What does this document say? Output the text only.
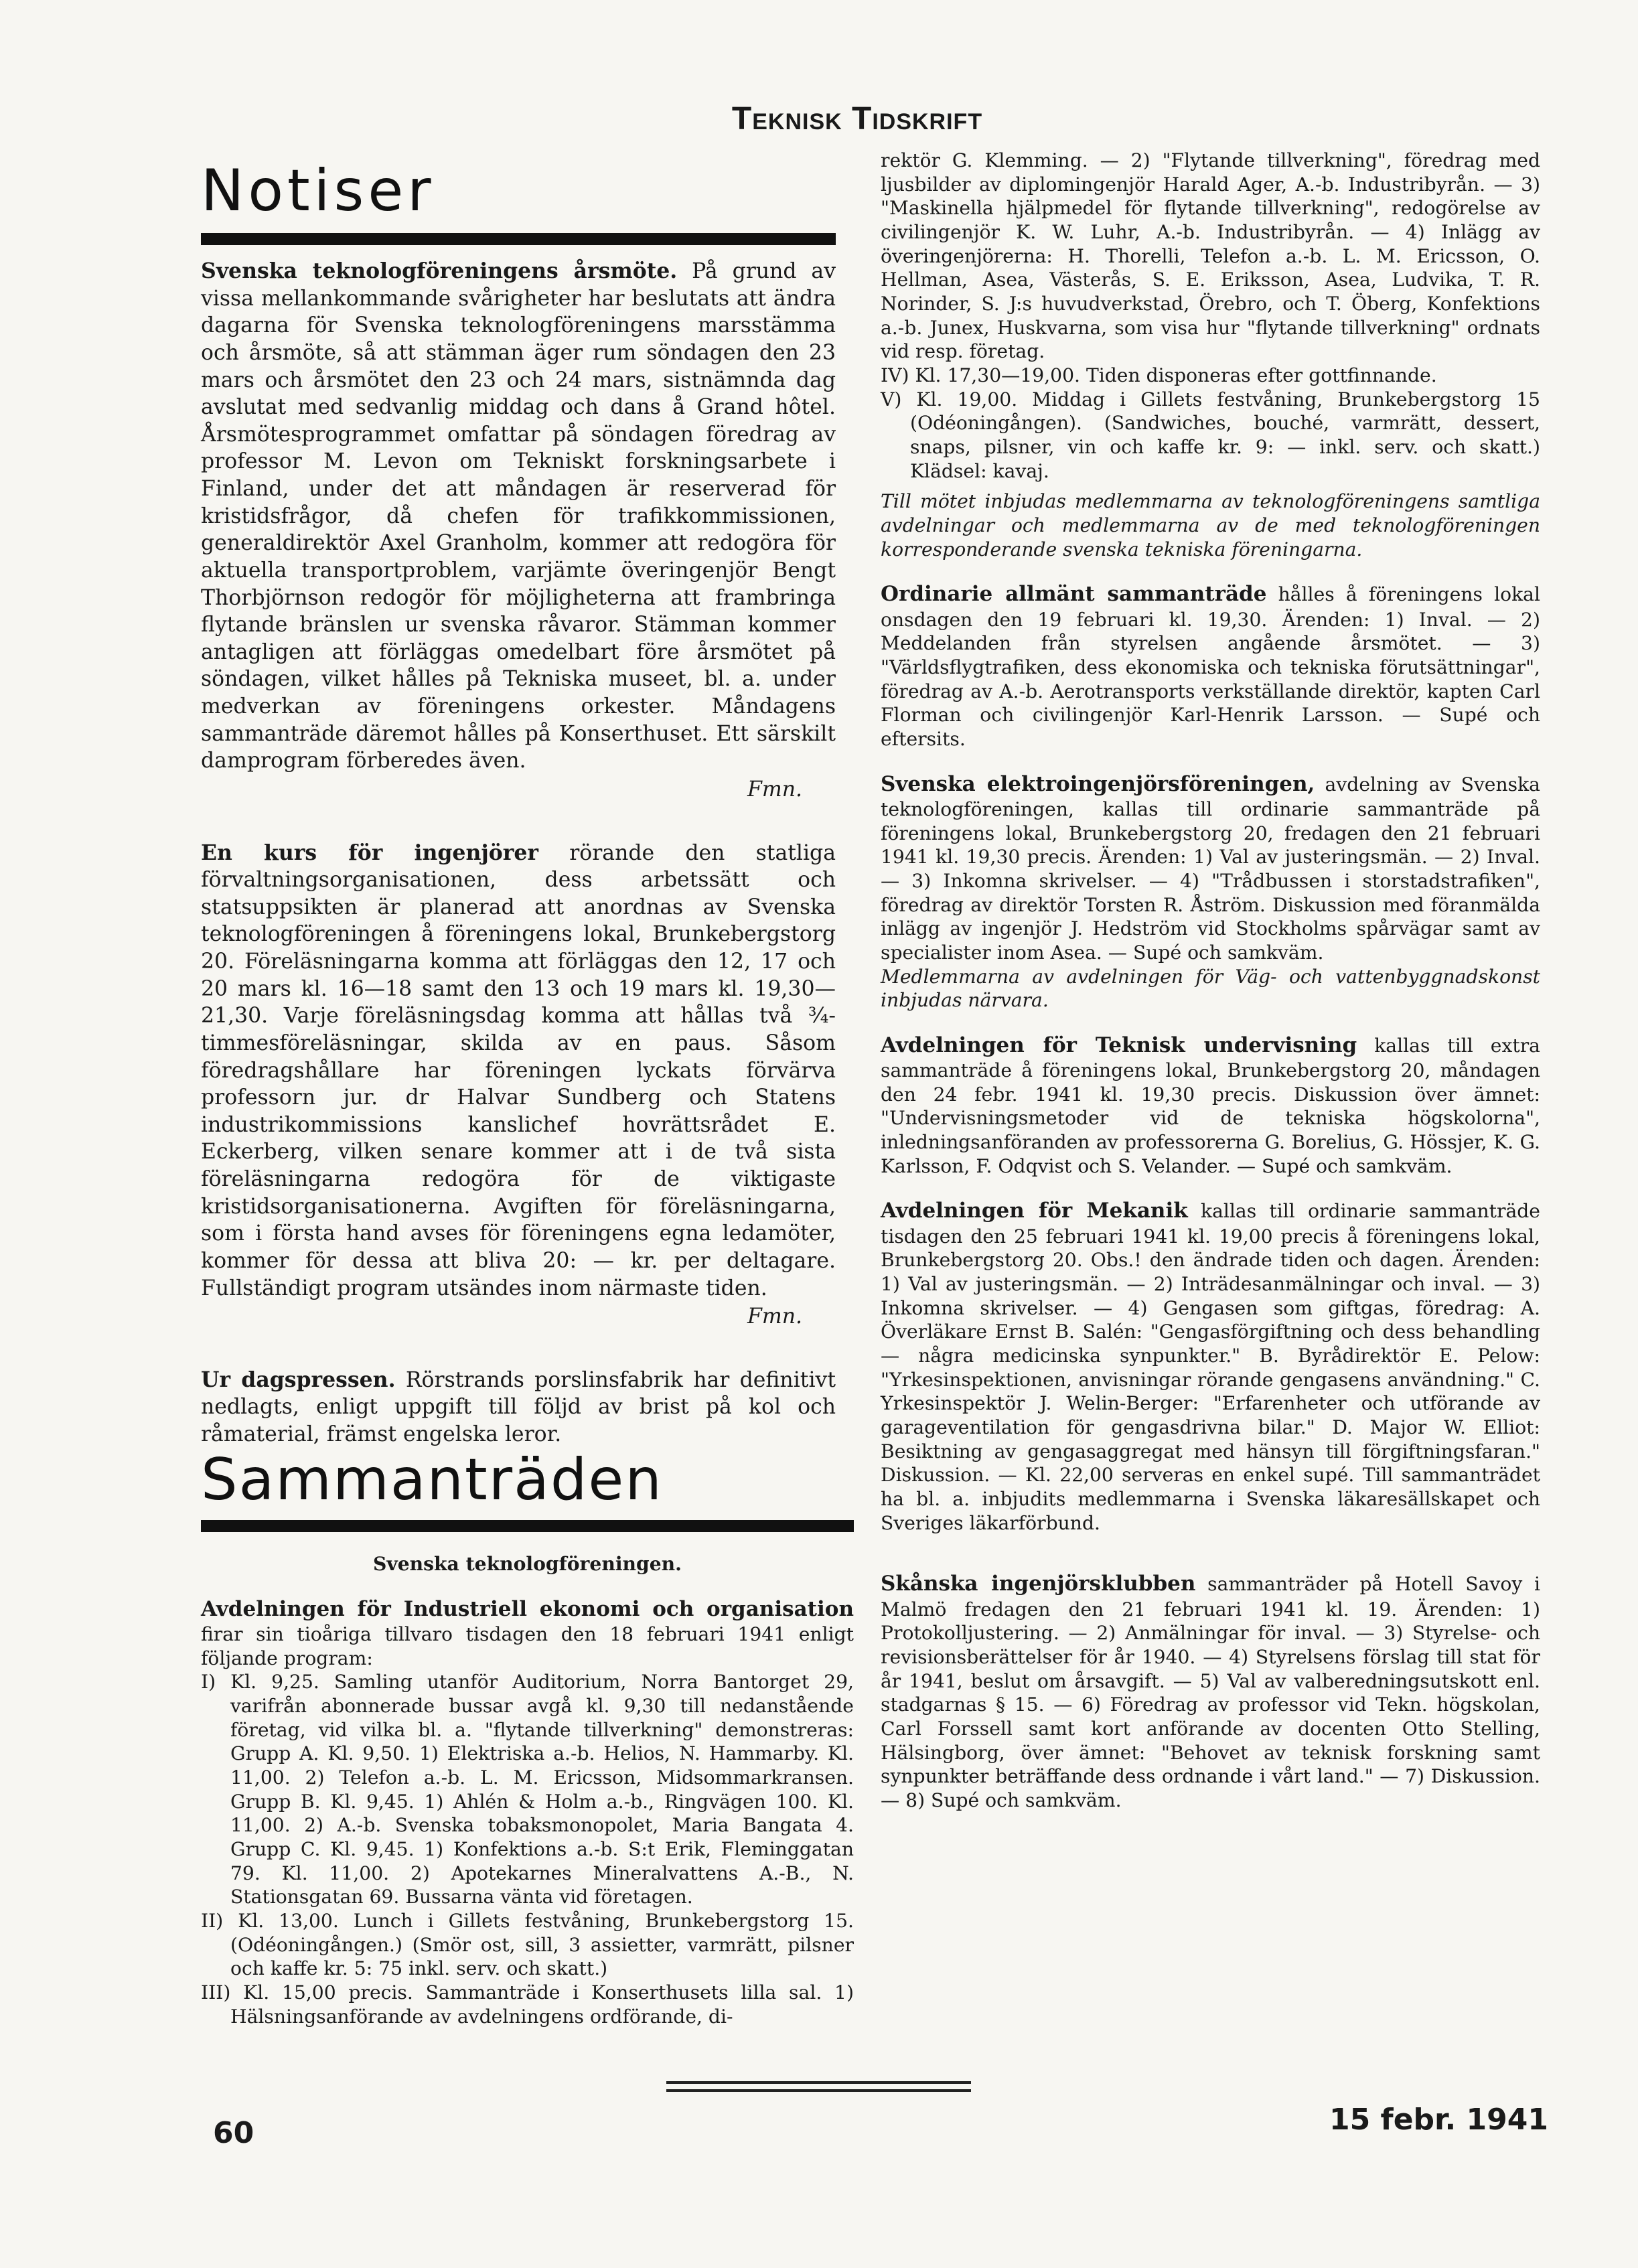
Teknisk Tidskrift
Notiser

Svenska teknologföreningens årsmöte. På grund av vissa mellankommande svårigheter har beslutats att ändra dagarna för Svenska teknologföreningens marsstämma och årsmöte, så att stämman äger rum söndagen den 23 mars och årsmötet den 23 och 24 mars, sistnämnda dag avslutat med sedvanlig middag och dans å Grand hôtel. Årsmötesprogrammet omfattar på söndagen föredrag av professor M. Levon om Tekniskt forskningsarbete i Finland, under det att måndagen är reserverad för kristidsfrågor, då chefen för trafikkommissionen, generaldirektör Axel Granholm, kommer att redogöra för aktuella transportproblem, varjämte överingenjör Bengt Thorbjörnson redogör för möjligheterna att frambringa flytande bränslen ur svenska råvaror. Stämman kommer antagligen att förläggas omedelbart före årsmötet på söndagen, vilket hålles på Tekniska museet, bl. a. under medverkan av föreningens orkester. Måndagens sammanträde däremot hålles på Konserthuset. Ett särskilt damprogram förberedes även.

Fmn.

En kurs för ingenjörer rörande den statliga förvaltningsorganisationen, dess arbetssätt och statsuppsikten är planerad att anordnas av Svenska teknologföreningen å föreningens lokal, Brunkebergstorg 20. Föreläsningarna komma att förläggas den 12, 17 och 20 mars kl. 16—18 samt den 13 och 19 mars kl. 19,30—21,30. Varje föreläsningsdag komma att hållas två ¾-timmesföreläsningar, skilda av en paus. Såsom föredragshållare har föreningen lyckats förvärva professorn jur. dr Halvar Sundberg och Statens industrikommissions kanslichef hovrättsrådet E. Eckerberg, vilken senare kommer att i de två sista föreläsningarna redogöra för de viktigaste kristidsorganisationerna. Avgiften för föreläsningarna, som i första hand avses för föreningens egna ledamöter, kommer för dessa att bliva 20: — kr. per deltagare. Fullständigt program utsändes inom närmaste tiden.

Fmn.

Ur dagspressen. Rörstrands porslinsfabrik har definitivt nedlagts, enligt uppgift till följd av brist på kol och råmaterial, främst engelska leror.

Sammanträden

Svenska teknologföreningen.

Avdelningen för Industriell ekonomi och organisation firar sin tioåriga tillvaro tisdagen den 18 februari 1941 enligt följande program:

I) Kl. 9,25. Samling utanför Auditorium, Norra Bantorget 29, varifrån abonnerade bussar avgå kl. 9,30 till nedanstående företag, vid vilka bl. a. "flytande tillverkning" demonstreras: Grupp A. Kl. 9,50. 1) Elektriska a.-b. Helios, N. Hammarby. Kl. 11,00. 2) Telefon a.-b. L. M. Ericsson, Midsommarkransen. Grupp B. Kl. 9,45. 1) Ahlén & Holm a.-b., Ringvägen 100. Kl. 11,00. 2) A.-b. Svenska tobaksmonopolet, Maria Bangata 4. Grupp C. Kl. 9,45. 1) Konfektions a.-b. S:t Erik, Fleminggatan 79. Kl. 11,00. 2) Apotekarnes Mineralvattens A.-B., N. Stationsgatan 69. Bussarna vänta vid företagen.

II) Kl. 13,00. Lunch i Gillets festvåning, Brunkebergstorg 15. (Odéoningången.) (Smör ost, sill, 3 assietter, varmrätt, pilsner och kaffe kr. 5: 75 inkl. serv. och skatt.)

III) Kl. 15,00 precis. Sammanträde i Konserthusets lilla sal. 1) Hälsningsanförande av avdelningens ordförande, di-

rektör G. Klemming. — 2) "Flytande tillverkning", föredrag med ljusbilder av diplomingenjör Harald Ager, A.-b. Industribyrån. — 3) "Maskinella hjälpmedel för flytande tillverkning", redogörelse av civilingenjör K. W. Luhr, A.-b. Industribyrån. — 4) Inlägg av överingenjörerna: H. Thorelli, Telefon a.-b. L. M. Ericsson, O. Hellman, Asea, Västerås, S. E. Eriksson, Asea, Ludvika, T. R. Norinder, S. J:s huvudverkstad, Örebro, och T. Öberg, Konfektions a.-b. Junex, Huskvarna, som visa hur "flytande tillverkning" ordnats vid resp. företag.

IV) Kl. 17,30—19,00. Tiden disponeras efter gottfinnande.

V) Kl. 19,00. Middag i Gillets festvåning, Brunkebergstorg 15 (Odéoningången). (Sandwiches, bouché, varmrätt, dessert, snaps, pilsner, vin och kaffe kr. 9: — inkl. serv. och skatt.) Klädsel: kavaj.

Till mötet inbjudas medlemmarna av teknologföreningens samtliga avdelningar och medlemmarna av de med teknologföreningen korresponderande svenska tekniska föreningarna.

Ordinarie allmänt sammanträde hålles å föreningens lokal onsdagen den 19 februari kl. 19,30. Ärenden: 1) Inval. — 2) Meddelanden från styrelsen angående årsmötet. — 3) "Världsflygtrafiken, dess ekonomiska och tekniska förutsättningar", föredrag av A.-b. Aerotransports verkställande direktör, kapten Carl Florman och civilingenjör Karl-Henrik Larsson. — Supé och eftersits.

Svenska elektroingenjörsföreningen, avdelning av Svenska teknologföreningen, kallas till ordinarie sammanträde på föreningens lokal, Brunkebergstorg 20, fredagen den 21 februari 1941 kl. 19,30 precis. Ärenden: 1) Val av justeringsmän. — 2) Inval. — 3) Inkomna skrivelser. — 4) "Trådbussen i storstadstrafiken", föredrag av direktör Torsten R. Åström. Diskussion med föranmälda inlägg av ingenjör J. Hedström vid Stockholms spårvägar samt av specialister inom Asea. — Supé och samkväm.

Medlemmarna av avdelningen för Väg- och vattenbyggnadskonst inbjudas närvara.

Avdelningen för Teknisk undervisning kallas till extra sammanträde å föreningens lokal, Brunkebergstorg 20, måndagen den 24 febr. 1941 kl. 19,30 precis. Diskussion över ämnet: "Undervisningsmetoder vid de tekniska högskolorna", inledningsanföranden av professorerna G. Borelius, G. Hössjer, K. G. Karlsson, F. Odqvist och S. Velander. — Supé och samkväm.

Avdelningen för Mekanik kallas till ordinarie sammanträde tisdagen den 25 februari 1941 kl. 19,00 precis å föreningens lokal, Brunkebergstorg 20. Obs.! den ändrade tiden och dagen. Ärenden: 1) Val av justeringsmän. — 2) Inträdesanmälningar och inval. — 3) Inkomna skrivelser. — 4) Gengasen som giftgas, föredrag: A. Överläkare Ernst B. Salén: "Gengasförgiftning och dess behandling — några medicinska synpunkter." B. Byrådirektör E. Pelow: "Yrkesinspektionen, anvisningar rörande gengasens användning." C. Yrkesinspektör J. Welin-Berger: "Erfarenheter och utförande av garageventilation för gengasdrivna bilar." D. Major W. Elliot: Besiktning av gengasaggregat med hänsyn till förgiftningsfaran." Diskussion. — Kl. 22,00 serveras en enkel supé. Till sammanträdet ha bl. a. inbjudits medlemmarna i Svenska läkaresällskapet och Sveriges läkarförbund.

Skånska ingenjörsklubben sammanträder på Hotell Savoy i Malmö fredagen den 21 februari 1941 kl. 19. Ärenden: 1) Protokolljustering. — 2) Anmälningar för inval. — 3) Styrelse- och revisionsberättelser för år 1940. — 4) Styrelsens förslag till stat för år 1941, beslut om årsavgift. — 5) Val av valberedningsutskott enl. stadgarnas § 15. — 6) Föredrag av professor vid Tekn. högskolan, Carl Forssell samt kort anförande av docenten Otto Stelling, Hälsingborg, över ämnet: "Behovet av teknisk forskning samt synpunkter beträffande dess ordnande i vårt land." — 7) Diskussion. — 8) Supé och samkväm.

60	15 febr. 1941
